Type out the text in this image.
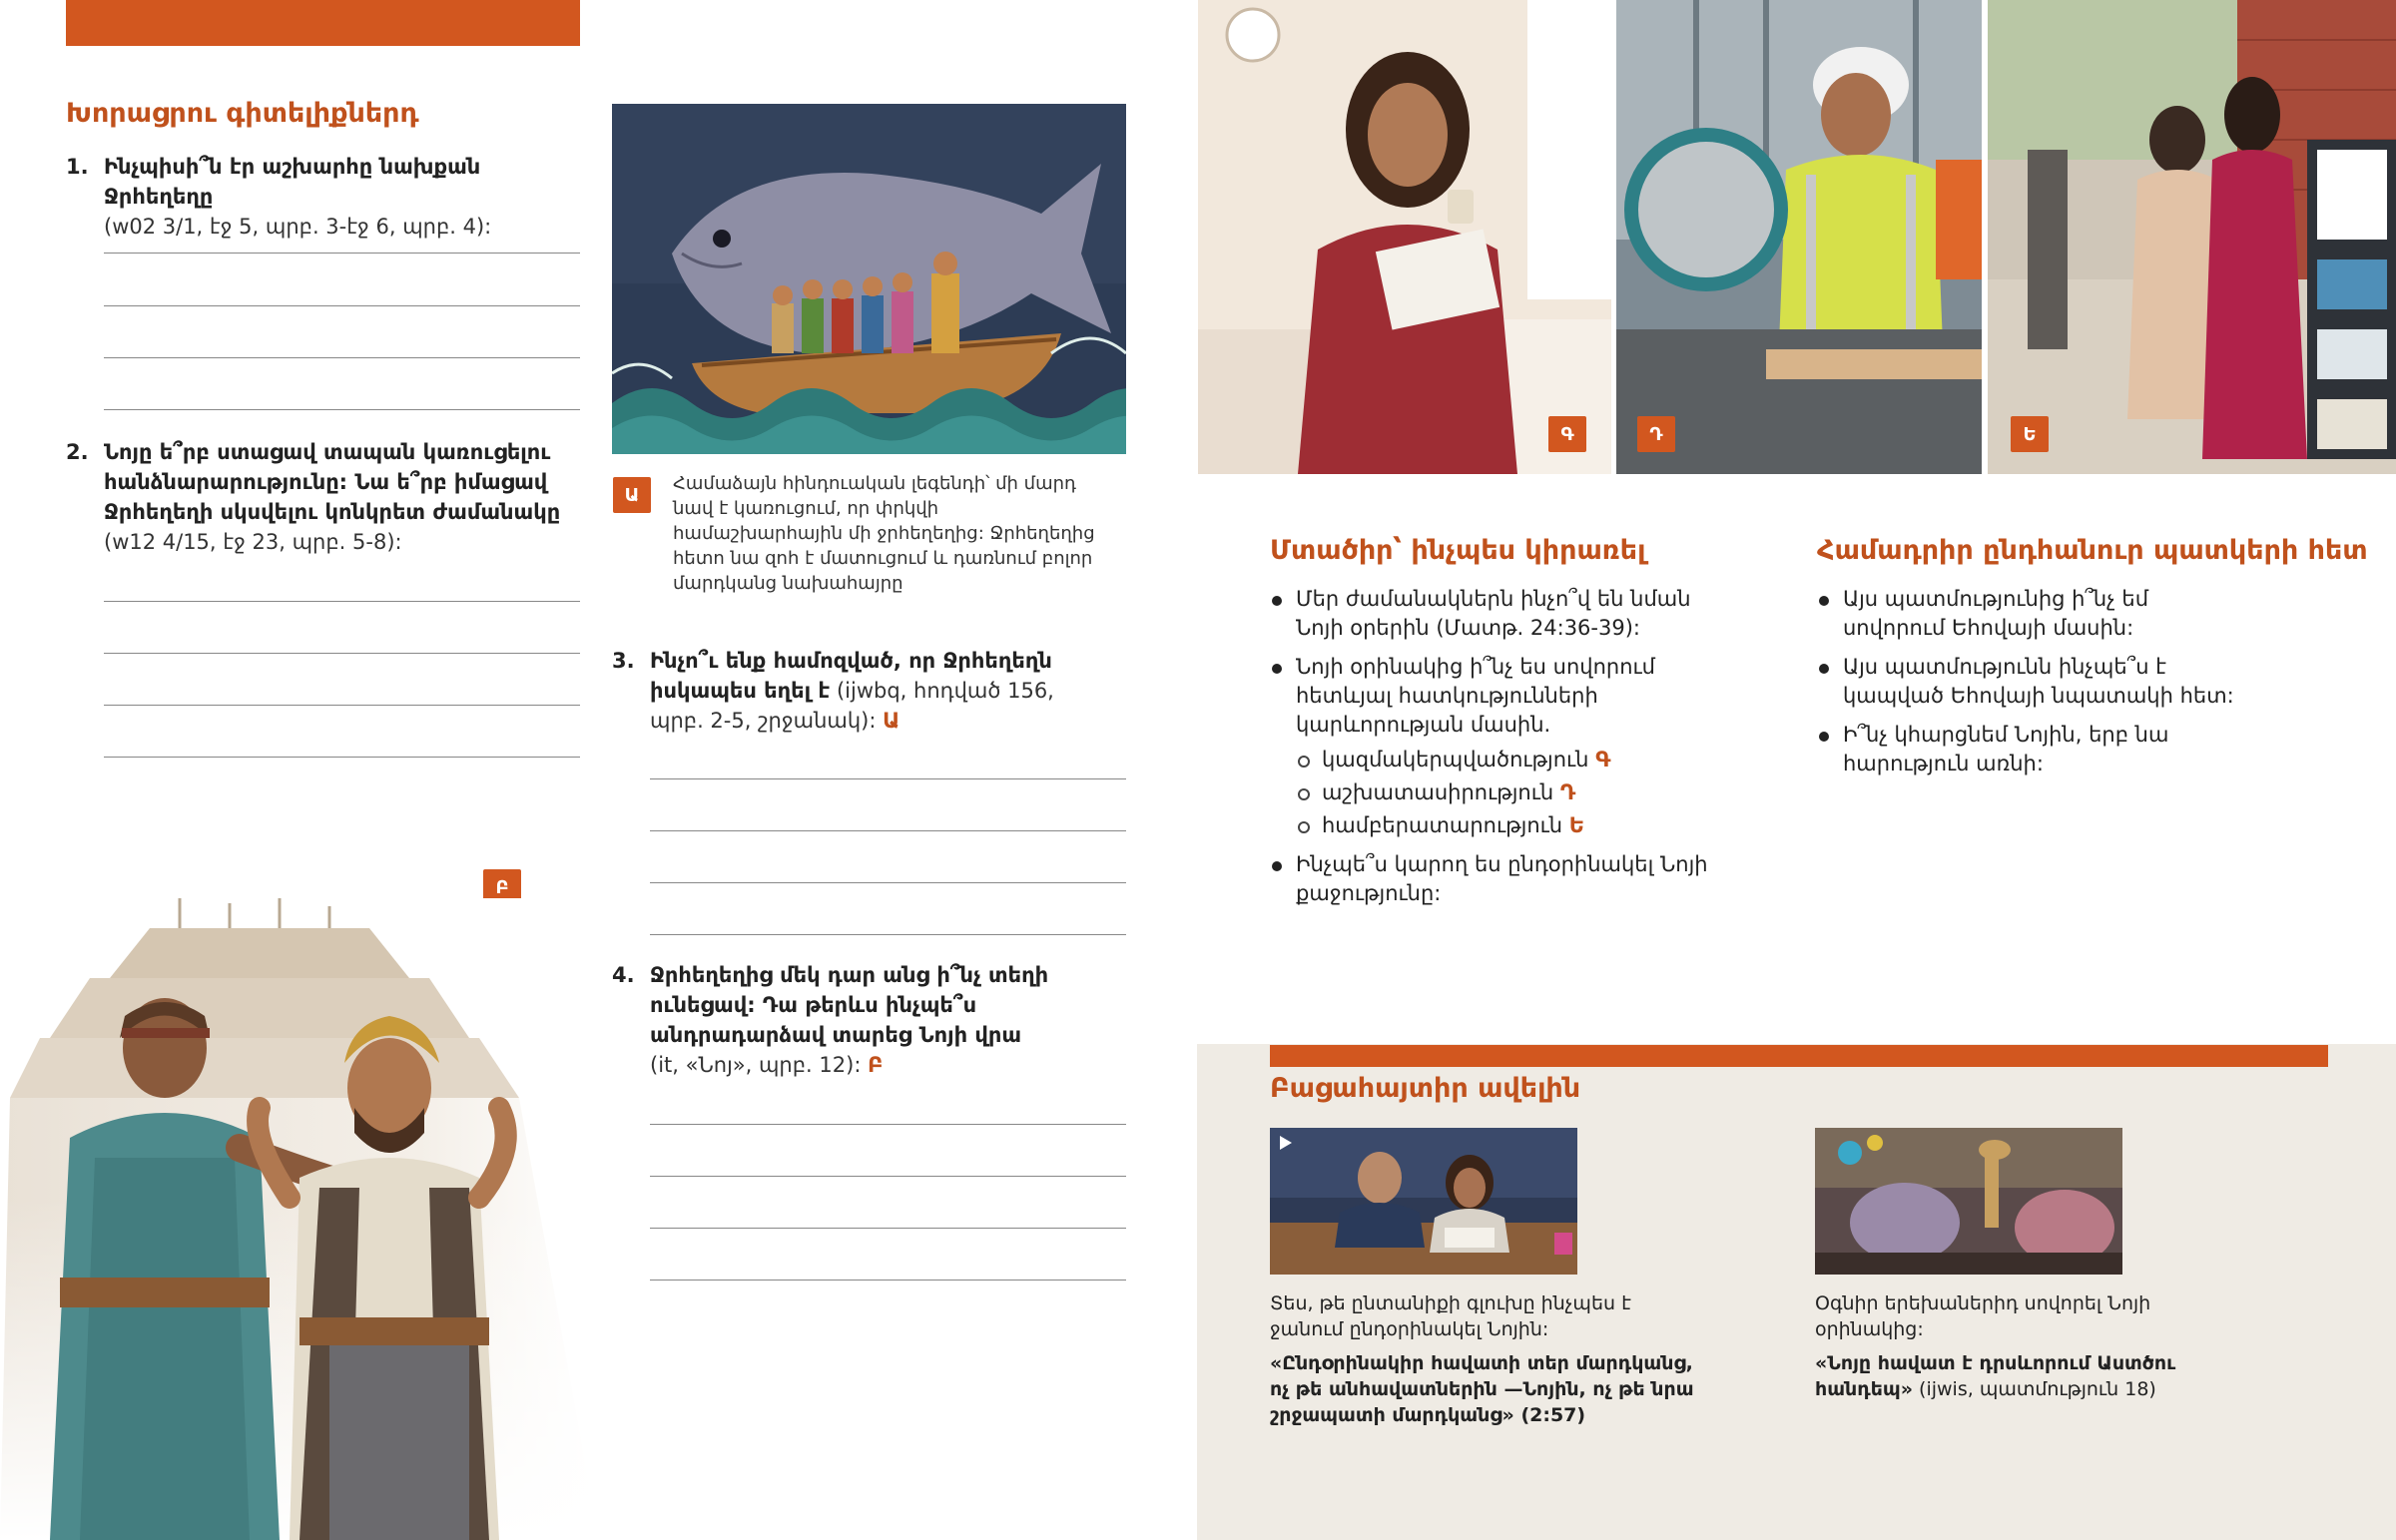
Խորացրու գիտելիքներդ
1. Ինչպիսի՞ն էր աշխարհը նախքան Ջրհեղեղը
(w02 3/1, էջ 5, պրբ. 3-էջ 6, պրբ. 4):
2. Նոյը ե՞րբ ստացավ տապան կառուցելու հանձնարարությունը: Նա ե՞րբ իմացավ Ջրհեղեղի սկսվելու կոնկրետ ժամանակը
(w12 4/15, էջ 23, պրբ. 5-8):
Բ
Ա
Համաձայն հինդուական լեգենդի՝ մի մարդ նավ է կառուցում, որ փրկվի համաշխարհային մի ջրհեղեղից: Ջրհեղեղից հետո նա զոհ է մատուցում և դառնում բոլոր մարդկանց նախահայրը
3. Ինչո՞ւ ենք համոզված, որ Ջրհեղեղն իսկապես եղել է (ijwbq, հոդված 156, պրբ. 2-5, շրջանակ): Ա
4. Ջրհեղեղից մեկ դար անց ի՞նչ տեղի ունեցավ: Դա թերևս ինչպե՞ս անդրադարձավ տարեց Նոյի վրա
(it, «Նոյ», պրբ. 12): Բ
Գ	Դ	Ե
Մտածիր՝ ինչպես կիրառել
Մեր ժամանակներն ինչո՞վ են նման Նոյի օրերին (Մատթ. 24:36-39):
Նոյի օրինակից ի՞նչ ես սովորում հետևյալ հատկությունների կարևորության մասին.
կազմակերպվածություն Գ
աշխատասիրություն Դ
համբերատարություն Ե
Ինչպե՞ս կարող ես ընդօրինակել Նոյի քաջությունը:
Համադրիր ընդհանուր պատկերի հետ
Այս պատմությունից ի՞նչ եմ սովորում Եհովայի մասին:
Այս պատմությունն ինչպե՞ս է կապված Եհովայի նպատակի հետ:
Ի՞նչ կհարցնեմ Նոյին, երբ նա հարություն առնի:
Բացահայտիր ավելին
Տես, թե ընտանիքի գլուխը ինչպես է ջանում ընդօրինակել Նոյին:
«Ընդօրինակիր հավատի տեր մարդկանց, ոչ թե անհավատներին —Նոյին, ոչ թե նրա շրջապատի մարդկանց» (2:57)
Օգնիր երեխաներիդ սովորել Նոյի օրինակից:
«Նոյը հավատ է դրսևորում Աստծու հանդեպ» (ijwis, պատմություն 18)
